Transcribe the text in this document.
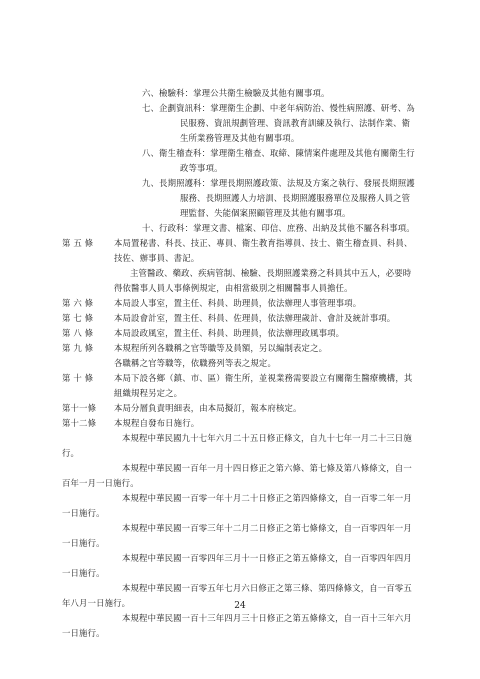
六、檢驗科：掌理公共衛生檢驗及其他有關事項。
七、企劃資訊科：掌理衛生企劃、中老年病防治、慢性病照護、研考、為民服務、資訊規劃管理、資訊教育訓練及執行、法制作業、衛生所業務管理及其他有關事項。
八、衛生稽查科：掌理衛生稽查、取締、陳情案件處理及其他有關衛生行政等事項。
九、長期照護科：掌理長期照護政策、法規及方案之執行、發展長期照護服務、長期照護人力培訓、長期照護服務單位及服務人員之管理監督、失能個案照顧管理及其他有關事項。
十、行政科：掌理文書、檔案、印信、庶務、出納及其他不屬各科事項。
第 五 條	本局置秘書、科長、技正、專員、衛生教育指導員、技士、衛生稽查員、科員、技佐、辦事員、書記。
主管醫政、藥政、疾病管制、檢驗、長期照護業務之科員其中五人，必要時得依醫事人員人事條例規定，由相當級別之相關醫事人員擔任。
第 六 條	本局設人事室，置主任、科員、助理員，依法辦理人事管理事項。
第 七 條	本局設會計室，置主任、科員、佐理員，依法辦理歲計、會計及統計事項。
第 八 條	本局設政風室，置主任、科員、助理員，依法辦理政風事項。
第 九 條	本規程所列各職稱之官等職等及員額，另以編制表定之。
各職稱之官等職等，依職務列等表之規定。
第 十 條	本局下設各鄉（鎮、市、區）衛生所，並視業務需要設立有關衛生醫療機構，其組織規程另定之。
第十一條	本局分層負責明細表，由本局擬訂，報本府核定。
第十二條	本規程自發布日施行。
本規程中華民國九十七年六月二十五日修正條文，自九十七年一月二十三日施行。
本規程中華民國一百年一月十四日修正之第六條、第七條及第八條條文，自一百年一月一日施行。
本規程中華民國一百零一年十月二十日修正之第四條條文，自一百零二年一月一日施行。
本規程中華民國一百零三年十二月二日修正之第七條條文，自一百零四年一月一日施行。
本規程中華民國一百零四年三月十一日修正之第五條條文，自一百零四年四月一日施行。
本規程中華民國一百零五年七月六日修正之第三條、第四條條文，自一百零五年八月一日施行。
本規程中華民國一百十三年四月三十日修正之第五條條文，自一百十三年六月一日施行。
24
